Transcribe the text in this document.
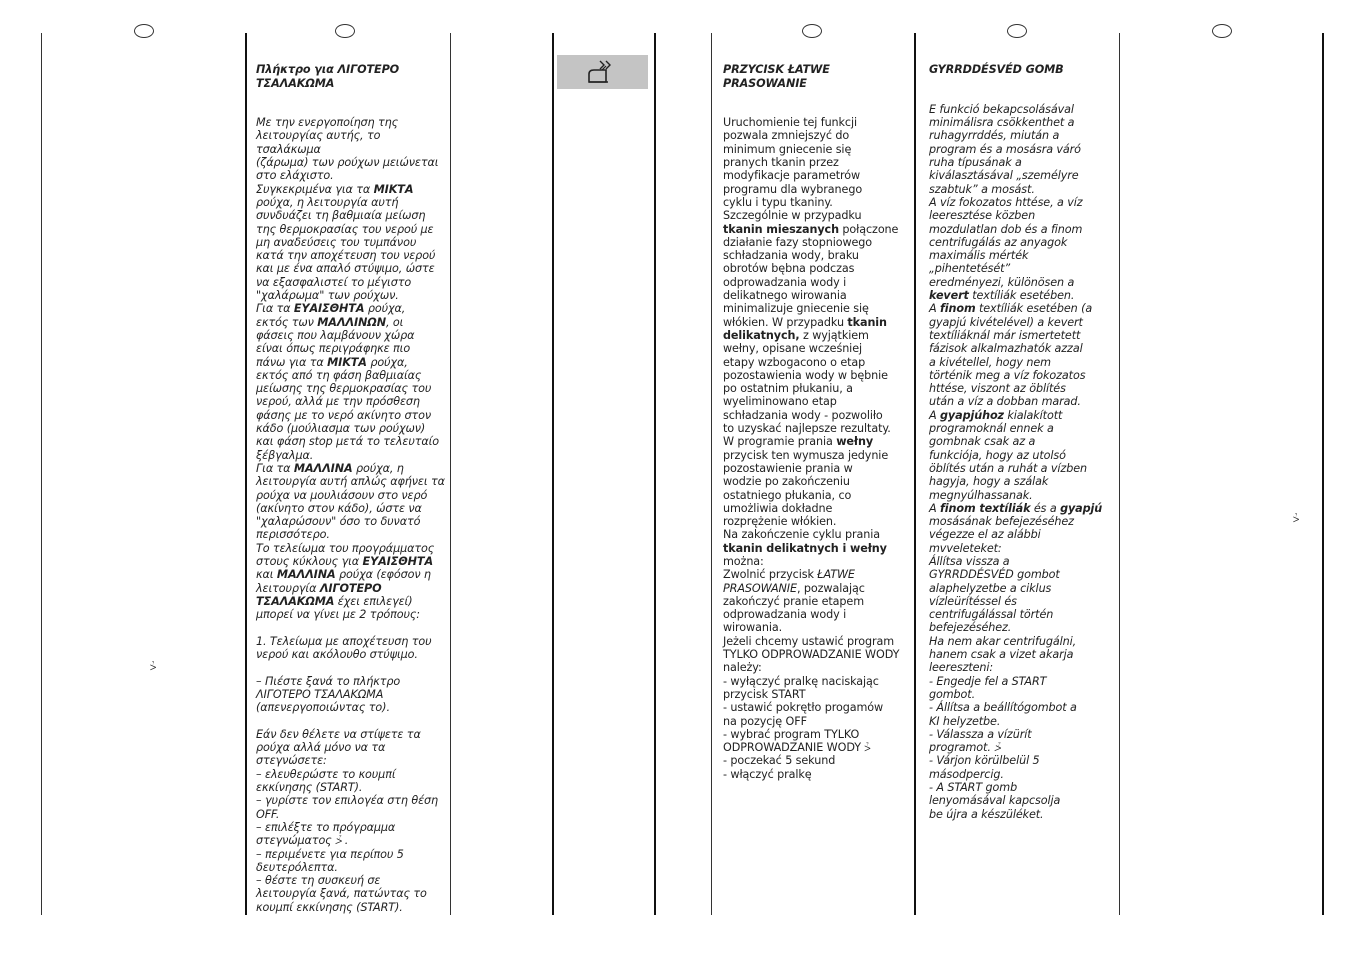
⩼
⩼

Πλήκτρο για ΛΙΓΟΤΕΡΟ
ΤΣΑΛΑΚΩΜΑ

Με την ενεργοποίηση της
λειτουργίας αυτής, το τσαλάκωμα
(ζάρωμα) των ρούχων μειώνεται
στο ελάχιστο.
Συγκεκριμένα για τα ΜΙΚΤΑ
ρούχα, η λειτουργία αυτή
συνδυάζει τη βαθμιαία μείωση
της θερμοκρασίας του νερού με
μη αναδεύσεις του τυμπάνου
κατά την αποχέτευση του νερού
και με ένα απαλό στύψιμο, ώστε
να εξασφαλιστεί το μέγιστο
"χαλάρωμα" των ρούχων.
Για τα ΕΥΑΙΣΘΗΤΑ ρούχα,
εκτός των ΜΑΛΛΙΝΩΝ, οι
φάσεις που λαμβάνουν χώρα
είναι όπως περιγράφηκε πιο
πάνω για τα ΜΙΚΤΑ ρούχα,
εκτός από τη φάση βαθμιαίας
μείωσης της θερμοκρασίας του
νερού, αλλά με την πρόσθεση
φάσης με το νερό ακίνητο στον
κάδο (μούλιασμα των ρούχων)
και φάση stop μετά το τελευταίο
ξέβγαλμα.
Για τα ΜΑΛΛΙΝΑ ρούχα, η
λειτουργία αυτή απλώς αφήνει τα
ρούχα να μουλιάσουν στο νερό
(ακίνητο στον κάδο), ώστε να
"χαλαρώσουν" όσο το δυνατό
περισσότερο.
Το τελείωμα του προγράμματος
στους κύκλους για ΕΥΑΙΣΘΗΤΑ
και ΜΑΛΛΙΝΑ ρούχα (εφόσον η
λειτουργία ΛΙΓΟΤΕΡΟ
ΤΣΑΛΑΚΩΜΑ έχει επιλεγεί)
μπορεί να γίνει με 2 τρόπους:

1. Τελείωμα με αποχέτευση του
νερού και ακόλουθο στύψιμο.

– Πιέστε ξανά το πλήκτρο
ΛΙΓΟΤΕΡΟ ΤΣΑΛΑΚΩΜΑ
(απενεργοποιώντας το).

Εάν δεν θέλετε να στίψετε τα
ρούχα αλλά μόνο να τα
στεγνώσετε:
– ελευθερώστε το κουμπί
εκκίνησης (START).
– γυρίστε τον επιλογέα στη θέση
OFF.
– επιλέξτε το πρόγραμμα
στεγνώματος ⩼ .
– περιμένετε για περίπου 5
δευτερόλεπτα.
– θέστε τη συσκευή σε
λειτουργία ξανά, πατώντας το
κουμπί εκκίνησης (START).

PRZYCISK ŁATWE
PRASOWANIE

Uruchomienie tej funkcji
pozwala zmniejszyć do
minimum gniecenie się
pranych tkanin przez
modyfikacje parametrów
programu dla wybranego
cyklu i typu tkaniny.
Szczególnie w przypadku
tkanin mieszanych połączone
działanie fazy stopniowego
schładzania wody, braku
obrotów bębna podczas
odprowadzania wody i
delikatnego wirowania
minimalizuje gniecenie się
włókien. W przypadku tkanin
delikatnych, z wyjątkiem
wełny, opisane wcześniej
etapy wzbogacono o etap
pozostawienia wody w bębnie
po ostatnim płukaniu, a
wyeliminowano etap
schładzania wody - pozwoliło
to uzyskać najlepsze rezultaty.
W programie prania wełny
przycisk ten wymusza jedynie
pozostawienie prania w
wodzie po zakończeniu
ostatniego płukania, co
umożliwia dokładne
rozprężenie włókien.
Na zakończenie cyklu prania
tkanin delikatnych i wełny
można:
Zwolnić przycisk ŁATWE
PRASOWANIE, pozwalając
zakończyć pranie etapem
odprowadzania wody i
wirowania.
Jeżeli chcemy ustawić program
TYLKO ODPROWADZANIE WODY
należy:
- wyłączyć pralkę naciskając
przycisk START
- ustawić pokrętło progamów
na pozycję OFF
- wybrać program TYLKO
ODPROWADZANIE WODY ⩼
- poczekać 5 sekund
- włączyć pralkę

GYRRDDÉSVÉD GOMB

E funkció bekapcsolásával
minimálisra csökkenthet a
ruhagyrrddés, miután a
program és a mosásra váró
ruha típusának a
kiválasztásával „személyre
szabtuk” a mosást.
A víz fokozatos httése, a víz
leeresztése közben
mozdulatlan dob és a finom
centrifugálás az anyagok
maximális mérték
„pihentetését”
eredményezi, különösen a
kevert textíliák esetében.
A finom textíliák esetében (a
gyapjú kivételével) a kevert
textíliáknál már ismertetett
fázisok alkalmazhatók azzal
a kivétellel, hogy nem
történik meg a víz fokozatos
httése, viszont az öblítés
után a víz a dobban marad.
A gyapjúhoz kialakított
programoknál ennek a
gombnak csak az a
funkciója, hogy az utolsó
öblítés után a ruhát a vízben
hagyja, hogy a szálak
megnyúlhassanak.
A finom textíliák és a gyapjú
mosásának befejezéséhez
végezze el az alábbi
mvveleteket:
Állítsa vissza a
GYRRDDÉSVÉD gombot
alaphelyzetbe a ciklus
vízleürítéssel és
centrifugálással történ
befejezéséhez.
Ha nem akar centrifugálni,
hanem csak a vizet akarja
leereszteni:
- Engedje fel a START
gombot.
- Állítsa a beállítógombot a
KI helyzetbe.
- Válassza a vízürít
programot. ⩼
- Várjon körülbelül 5
másodpercig.
- A START gomb
lenyomásával kapcsolja
be újra a készüléket.
